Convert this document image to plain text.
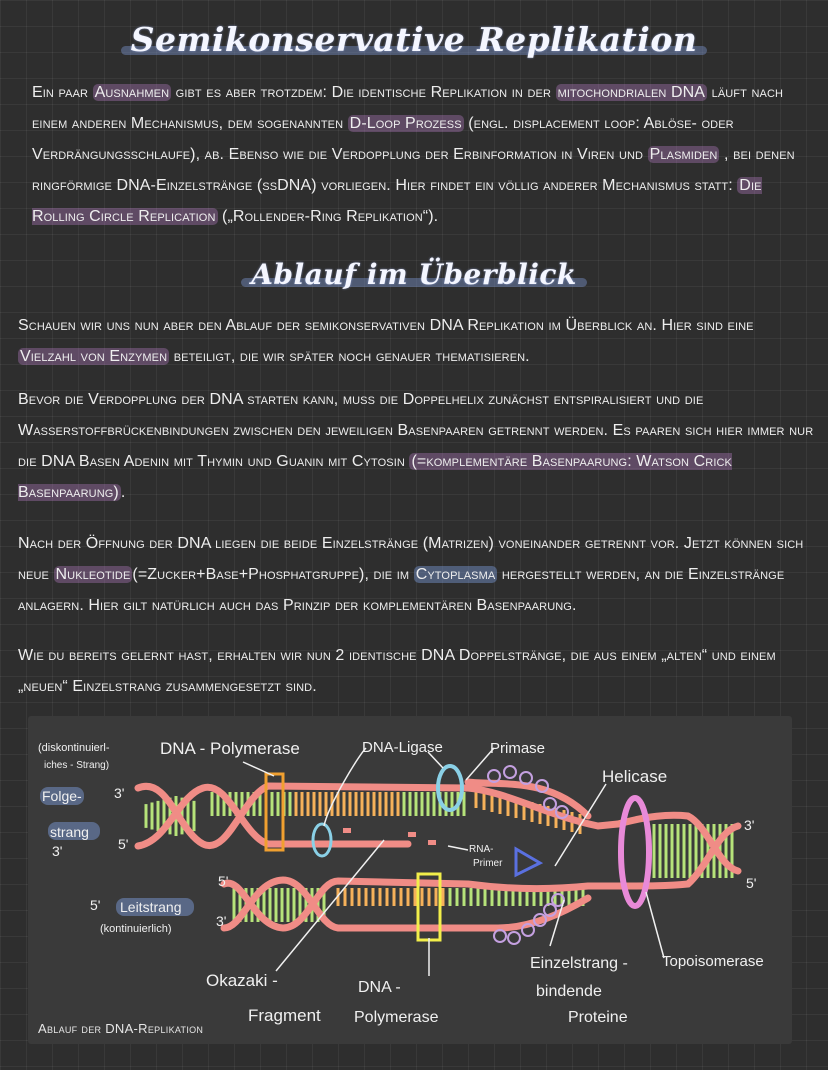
Semikonservative Replikation

Ein paar Ausnahmen gibt es aber trotzdem: Die identische Replikation in der mitochondrialen DNA läuft nach einem anderen Mechanismus, dem sogenannten D-Loop Prozess (engl. displacement loop: Ablöse- oder Verdrängungsschlaufe), ab. Ebenso wie die Verdopplung der Erbinformation in Viren und Plasmiden , bei denen ringförmige DNA-Einzelstränge (ssDNA) vorliegen. Hier findet ein völlig anderer Mechanismus statt: Die Rolling Circle Replication („Rollender-Ring Replikation“).

Ablauf im Überblick

Schauen wir uns nun aber den Ablauf der semikonservativen DNA Replikation im Überblick an. Hier sind eine Vielzahl von Enzymen beteiligt, die wir später noch genauer thematisieren.

Bevor die Verdopplung der DNA starten kann, muss die Doppelhelix zunächst entspiralisiert und die Wasserstoffbrückenbindungen zwischen den jeweiligen Basenpaaren getrennt werden. Es paaren sich hier immer nur die DNA Basen Adenin mit Thymin und Guanin mit Cytosin (=komplementäre Basenpaarung: Watson Crick Basenpaarung) .

Nach der Öffnung der DNA liegen die beide Einzelstränge (Matrizen) voneinander getrennt vor. Jetzt können sich neue Nukleotide (=Zucker+Base+Phosphatgruppe), die im Cytoplasma hergestellt werden, an die Einzelstränge anlagern. Hier gilt natürlich auch das Prinzip der komplementären Basenpaarung.

Wie du bereits gelernt hast, erhalten wir nun 2 identische DNA Doppelstränge, die aus einem „alten“ und einem „neuen“ Einzelstrang zusammengesetzt sind.

(diskontinuierl-
iches - Strang)
Folge-
strang
3'
5'
3'
DNA - Polymerase	DNA-Ligase	Primase
Helicase
RNA-
Primer
3'
5'
5'
3'
5' Leitstrang
(kontinuierlich)
Okazaki -
Fragment
DNA -
Polymerase
Einzelstrang -
bindende
Proteine
Topoisomerase
Ablauf der DNA-Replikation
